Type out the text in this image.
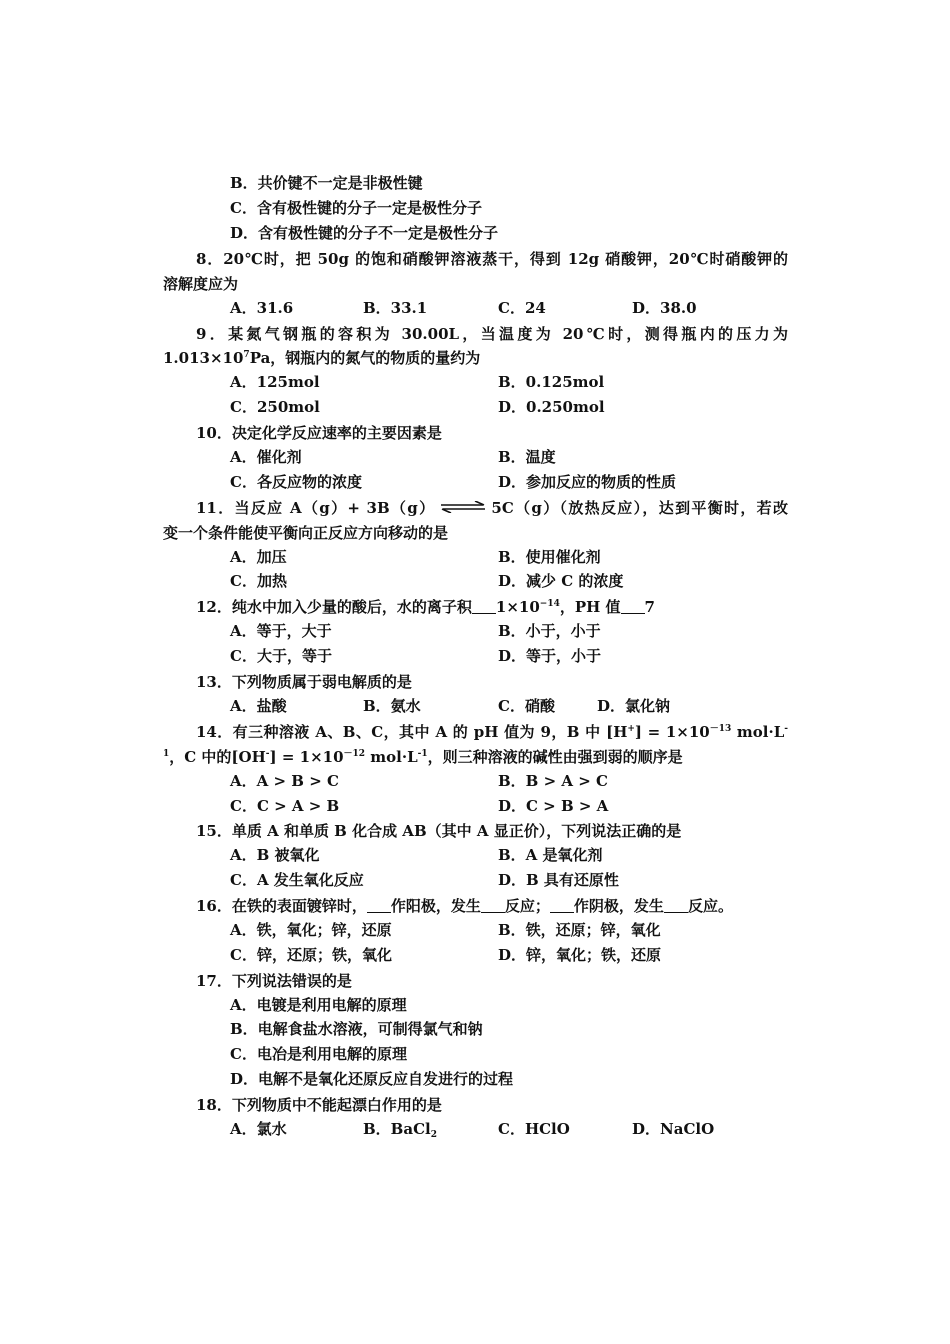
B．共价键不一定是非极性键
C．含有极性键的分子一定是极性分子
D．含有极性键的分子不一定是极性分子
8．20℃时，把 50g 的饱和硝酸钾溶液蒸干，得到 12g 硝酸钾，20℃时硝酸钾的
溶解度应为
A．31.6	B．33.1	C．24	D．38.0
9．某氮气钢瓶的容积为 30.00L，当温度为 20℃时，测得瓶内的压力为
$1.013\times 10^7Pa$，钢瓶内的氮气的物质的量约为
A．125mol	B．0.125mol
C．250mol	D．0.250mol
10．决定化学反应速率的主要因素是
A．催化剂	B．温度
C．各反应物的浓度	D．参加反应的物质的性质
11．当反应 A（g）+ 3B（g） ⇌ 5C（g）（放热反应），达到平衡时，若改
变一个条件能使平衡向正反应方向移动的是
A．加压	B．使用催化剂
C．加热	D．减少 C 的浓度
12．纯水中加入少量的酸后，水的离子积 $1\times 10^{-14}$，PH 值 7
A．等于，大于	B．小于，小于
C．大于，等于	D．等于，小于
13．下列物质属于弱电解质的是
A．盐酸	B．氨水	C．硝酸	D．氯化钠
14．有三种溶液 A、B、C，其中 A 的 pH 值为 9，B 中 $[H^+] = 1\times 10^{-13}$ mol·L-
$^1$，C 中的$[OH^-] = 1\times 10^{-12}$ $mol\cdot L^{-1}$，则三种溶液的碱性由强到弱的顺序是
A．A > B > C	B．B > A > C
C．C > A > B	D．C > B > A
15．单质 A 和单质 B 化合成 AB（其中 A 显正价），下列说法正确的是
A．B 被氧化	B．A 是氧化剂
C．A 发生氧化反应	D．B 具有还原性
16．在铁的表面镀锌时， 作阳极，发生 反应； 作阴极，发生 反应。
A．铁，氧化；锌，还原	B．铁，还原；锌，氧化
C．锌，还原；铁，氧化	D．锌，氧化；铁，还原
17．下列说法错误的是
A．电镀是利用电解的原理
B．电解食盐水溶液，可制得氯气和钠
C．电冶是利用电解的原理
D．电解不是氧化还原反应自发进行的过程
18．下列物质中不能起漂白作用的是
A．氯水	B．BaCl$_2$	C．HClO	D．NaClO
